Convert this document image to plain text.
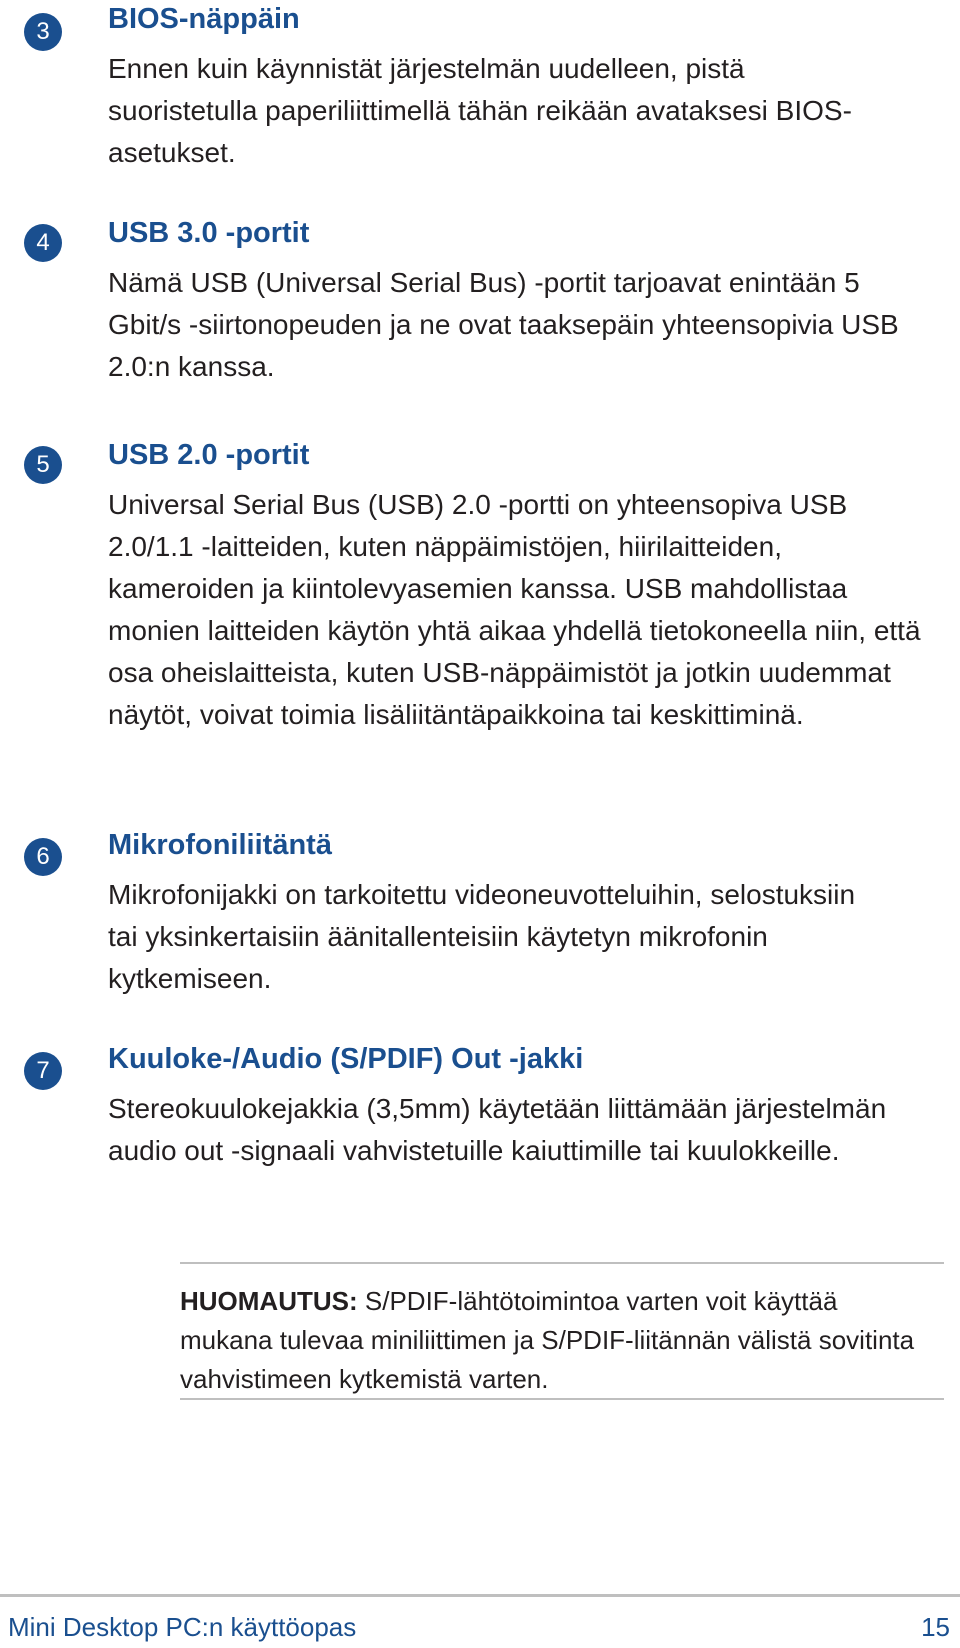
3	BIOS-näppäin

Ennen kuin käynnistät järjestelmän uudelleen, pistä suoristetulla paperiliittimellä tähän reikään avataksesi BIOS-asetukset.

4	USB 3.0 -portit

Nämä USB (Universal Serial Bus) -portit tarjoavat enintään 5 Gbit/s -siirtonopeuden ja ne ovat taaksepäin yhteensopivia USB 2.0:n kanssa.

5	USB 2.0 -portit

Universal Serial Bus (USB) 2.0 -portti on yhteensopiva USB 2.0/1.1 -laitteiden, kuten näppäimistöjen, hiirilaitteiden, kameroiden ja kiintolevyasemien kanssa. USB mahdollistaa monien laitteiden käytön yhtä aikaa yhdellä tietokoneella niin, että osa oheislaitteista, kuten USB-näppäimistöt ja jotkin uudemmat näytöt, voivat toimia lisäliitäntäpaikkoina tai keskittiminä.

6	Mikrofoniliitäntä

Mikrofonijakki on tarkoitettu videoneuvotteluihin, selostuksiin tai yksinkertaisiin äänitallenteisiin käytetyn mikrofonin kytkemiseen.

7	Kuuloke-/Audio (S/PDIF) Out -jakki

Stereokuulokejakkia (3,5mm) käytetään liittämään järjestelmän audio out -signaali vahvistetuille kaiuttimille tai kuulokkeille.

HUOMAUTUS: S/PDIF-lähtötoimintoa varten voit käyttää mukana tulevaa miniliittimen ja S/PDIF-liitännän välistä sovitinta vahvistimeen kytkemistä varten.

Mini Desktop PC:n käyttöopas	15
